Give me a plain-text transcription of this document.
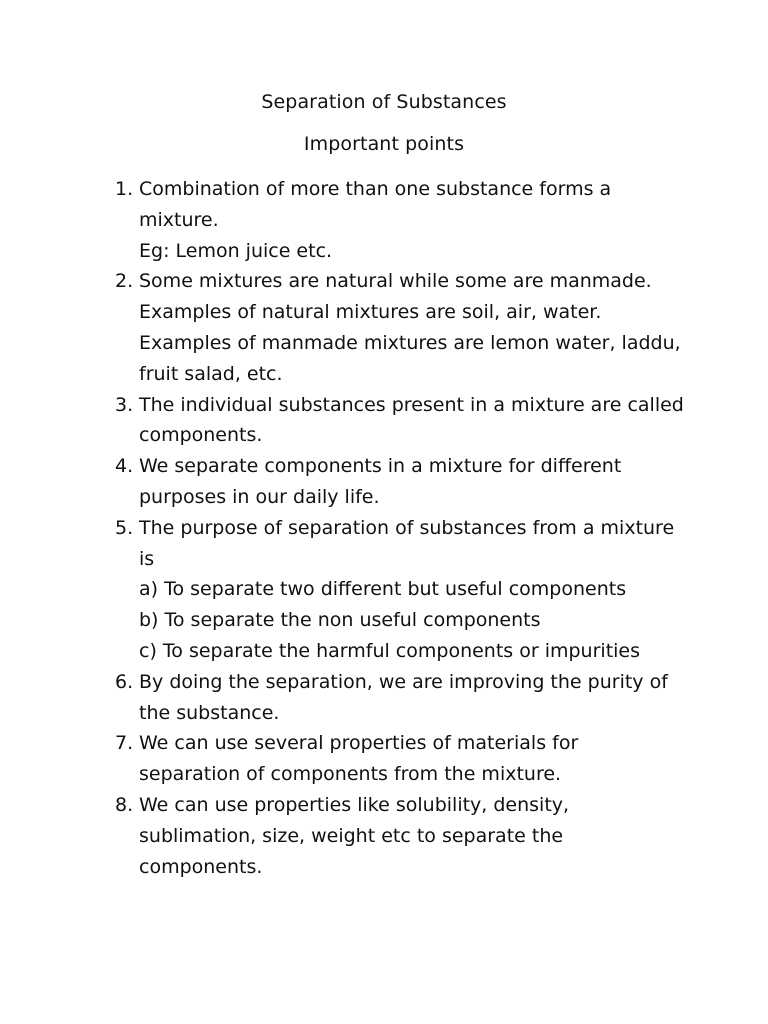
Separation of Substances
Important points
1. Combination of more than one substance forms a
mixture.
Eg: Lemon juice etc.
2. Some mixtures are natural while some are manmade.
Examples of natural mixtures are soil, air, water.
Examples of manmade mixtures are lemon water, laddu,
fruit salad, etc.
3. The individual substances present in a mixture are called
components.
4. We separate components in a mixture for different
purposes in our daily life.
5. The purpose of separation of substances from a mixture
is
a) To separate two different but useful components
b) To separate the non useful components
c) To separate the harmful components or impurities
6. By doing the separation, we are improving the purity of
the substance.
7. We can use several properties of materials for
separation of components from the mixture.
8. We can use properties like solubility, density,
sublimation, size, weight etc to separate the
components.
